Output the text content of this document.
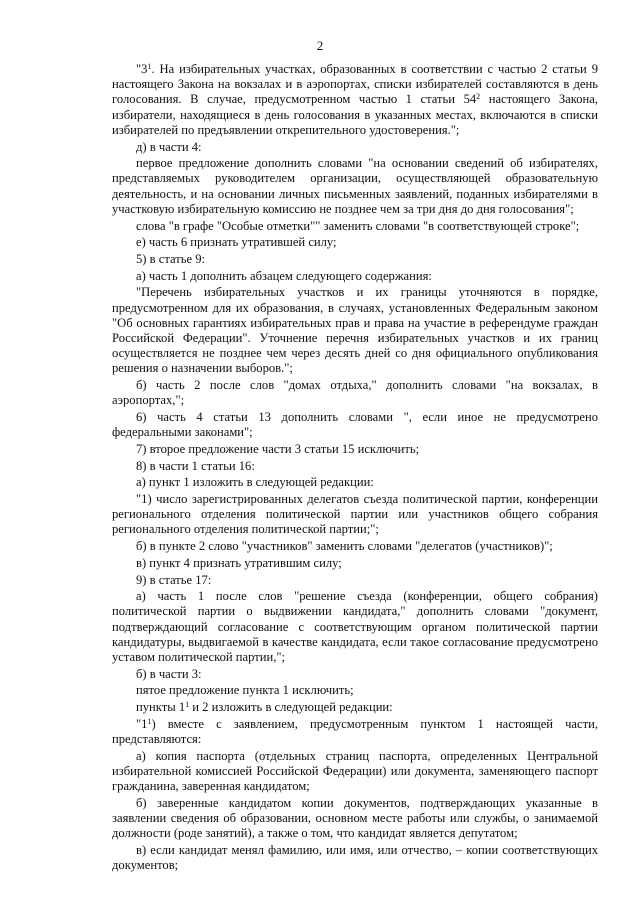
2

"$3^1$. На избирательных участках, образованных в соответствии с частью 2 статьи 9 настоящего Закона на вокзалах и в аэропортах, списки избирателей составляются в день голосования. В случае, предусмотренном частью 1 статьи $54^2$ настоящего Закона, избиратели, находящиеся в день голосования в указанных местах, включаются в списки избирателей по предъявлении открепительного удостоверения.";

д) в части 4:

первое предложение дополнить словами "на основании сведений об избирателях, представляемых руководителем организации, осуществляющей образовательную деятельность, и на основании личных письменных заявлений, поданных избирателями в участковую избирательную комиссию не позднее чем за три дня до дня голосования";

слова "в графе "Особые отметки"" заменить словами "в соответствующей строке";

е) часть 6 признать утратившей силу;

5) в статье 9:

а) часть 1 дополнить абзацем следующего содержания:

"Перечень избирательных участков и их границы уточняются в порядке, предусмотренном для их образования, в случаях, установленных Федеральным законом "Об основных гарантиях избирательных прав и права на участие в референдуме граждан Российской Федерации". Уточнение перечня избирательных участков и их границ осуществляется не позднее чем через десять дней со дня официального опубликования решения о назначении выборов.";

б) часть 2 после слов "домах отдыха," дополнить словами "на вокзалах, в аэропортах,";

6) часть 4 статьи 13 дополнить словами ", если иное не предусмотрено федеральными законами";

7) второе предложение части 3 статьи 15 исключить;

8) в части 1 статьи 16:

а) пункт 1 изложить в следующей редакции:

"1) число зарегистрированных делегатов съезда политической партии, конференции регионального отделения политической партии или участников общего собрания регионального отделения политической партии;";

б) в пункте 2 слово "участников" заменить словами "делегатов (участников)";

в) пункт 4 признать утратившим силу;

9) в статье 17:

а) часть 1 после слов "решение съезда (конференции, общего собрания) политической партии о выдвижении кандидата," дополнить словами "документ, подтверждающий согласование с соответствующим органом политической партии кандидатуры, выдвигаемой в качестве кандидата, если такое согласование предусмотрено уставом политической партии,";

б) в части 3:

пятое предложение пункта 1 исключить;

пункты $1^1$ и 2 изложить в следующей редакции:

"$1^1$) вместе с заявлением, предусмотренным пунктом 1 настоящей части, представляются:

а) копия паспорта (отдельных страниц паспорта, определенных Центральной избирательной комиссией Российской Федерации) или документа, заменяющего паспорт гражданина, заверенная кандидатом;

б) заверенные кандидатом копии документов, подтверждающих указанные в заявлении сведения об образовании, основном месте работы или службы, о занимаемой должности (роде занятий), а также о том, что кандидат является депутатом;

в) если кандидат менял фамилию, или имя, или отчество, – копии соответствующих документов;
